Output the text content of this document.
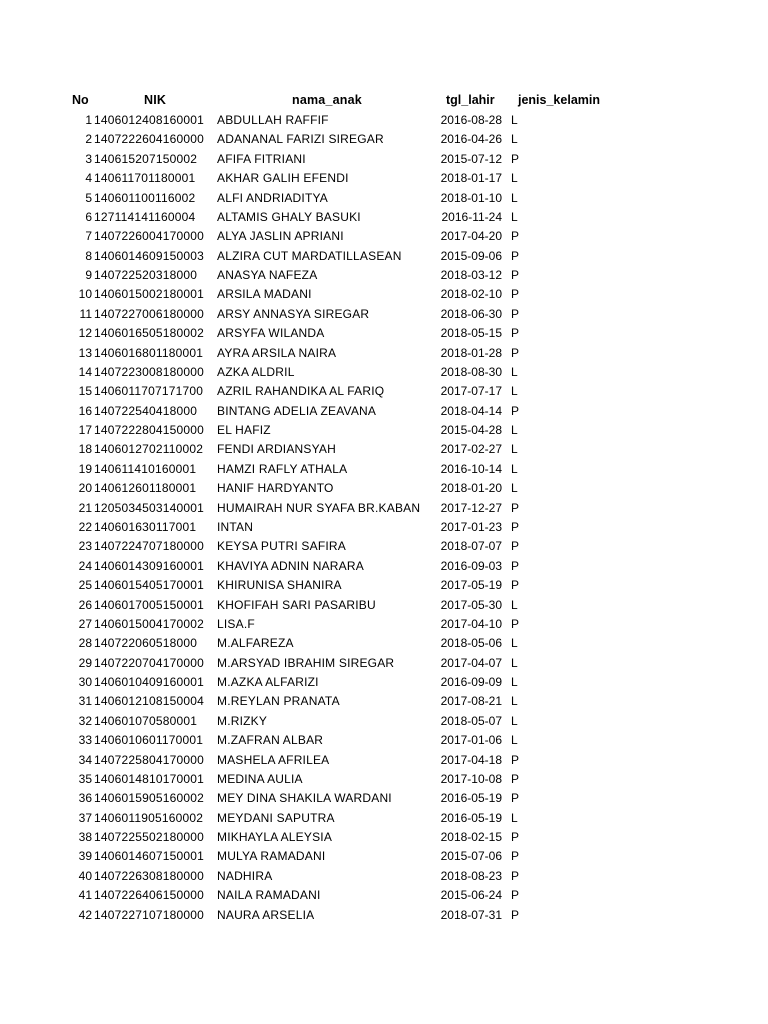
No	NIK	nama_anak	tgl_lahir	jenis_kelamin
1 1406012408160001	ABDULLAH RAFFIF	2016-08-28 L
2 1407222604160000	ADANANAL FARIZI SIREGAR	2016-04-26 L
3 140615207150002	AFIFA FITRIANI	2015-07-12 P
4 140611701180001	AKHAR GALIH EFENDI	2018-01-17 L
5 140601100116002	ALFI ANDRIADITYA	2018-01-10 L
6 127114141160004	ALTAMIS GHALY BASUKI	2016-11-24 L
7 1407226004170000	ALYA JASLIN APRIANI	2017-04-20 P
8 1406014609150003	ALZIRA CUT MARDATILLASEAN	2015-09-06 P
9 140722520318000	ANASYA NAFEZA	2018-03-12 P
10 1406015002180001	ARSILA MADANI	2018-02-10 P
11 1407227006180000	ARSY ANNASYA SIREGAR	2018-06-30 P
12 1406016505180002	ARSYFA WILANDA	2018-05-15 P
13 1406016801180001	AYRA ARSILA NAIRA	2018-01-28 P
14 1407223008180000	AZKA ALDRIL	2018-08-30 L
15 1406011707171700	AZRIL RAHANDIKA AL FARIQ	2017-07-17 L
16 140722540418000	BINTANG ADELIA ZEAVANA	2018-04-14 P
17 1407222804150000	EL HAFIZ	2015-04-28 L
18 1406012702110002	FENDI ARDIANSYAH	2017-02-27 L
19 140611410160001	HAMZI RAFLY ATHALA	2016-10-14 L
20 140612601180001	HANIF HARDYANTO	2018-01-20 L
21 1205034503140001	HUMAIRAH NUR SYAFA BR.KABAN	2017-12-27 P
22 140601630117001	INTAN	2017-01-23 P
23 1407224707180000	KEYSA PUTRI SAFIRA	2018-07-07 P
24 1406014309160001	KHAVIYA ADNIN NARARA	2016-09-03 P
25 1406015405170001	KHIRUNISA SHANIRA	2017-05-19 P
26 1406017005150001	KHOFIFAH SARI PASARIBU	2017-05-30 L
27 1406015004170002	LISA.F	2017-04-10 P
28 140722060518000	M.ALFAREZA	2018-05-06 L
29 1407220704170000	M.ARSYAD IBRAHIM SIREGAR	2017-04-07 L
30 1406010409160001	M.AZKA ALFARIZI	2016-09-09 L
31 1406012108150004	M.REYLAN PRANATA	2017-08-21 L
32 140601070580001	M.RIZKY	2018-05-07 L
33 1406010601170001	M.ZAFRAN ALBAR	2017-01-06 L
34 1407225804170000	MASHELA AFRILEA	2017-04-18 P
35 1406014810170001	MEDINA AULIA	2017-10-08 P
36 1406015905160002	MEY DINA SHAKILA WARDANI	2016-05-19 P
37 1406011905160002	MEYDANI SAPUTRA	2016-05-19 L
38 1407225502180000	MIKHAYLA ALEYSIA	2018-02-15 P
39 1406014607150001	MULYA RAMADANI	2015-07-06 P
40 1407226308180000	NADHIRA	2018-08-23 P
41 1407226406150000	NAILA RAMADANI	2015-06-24 P
42 1407227107180000	NAURA ARSELIA	2018-07-31 P
